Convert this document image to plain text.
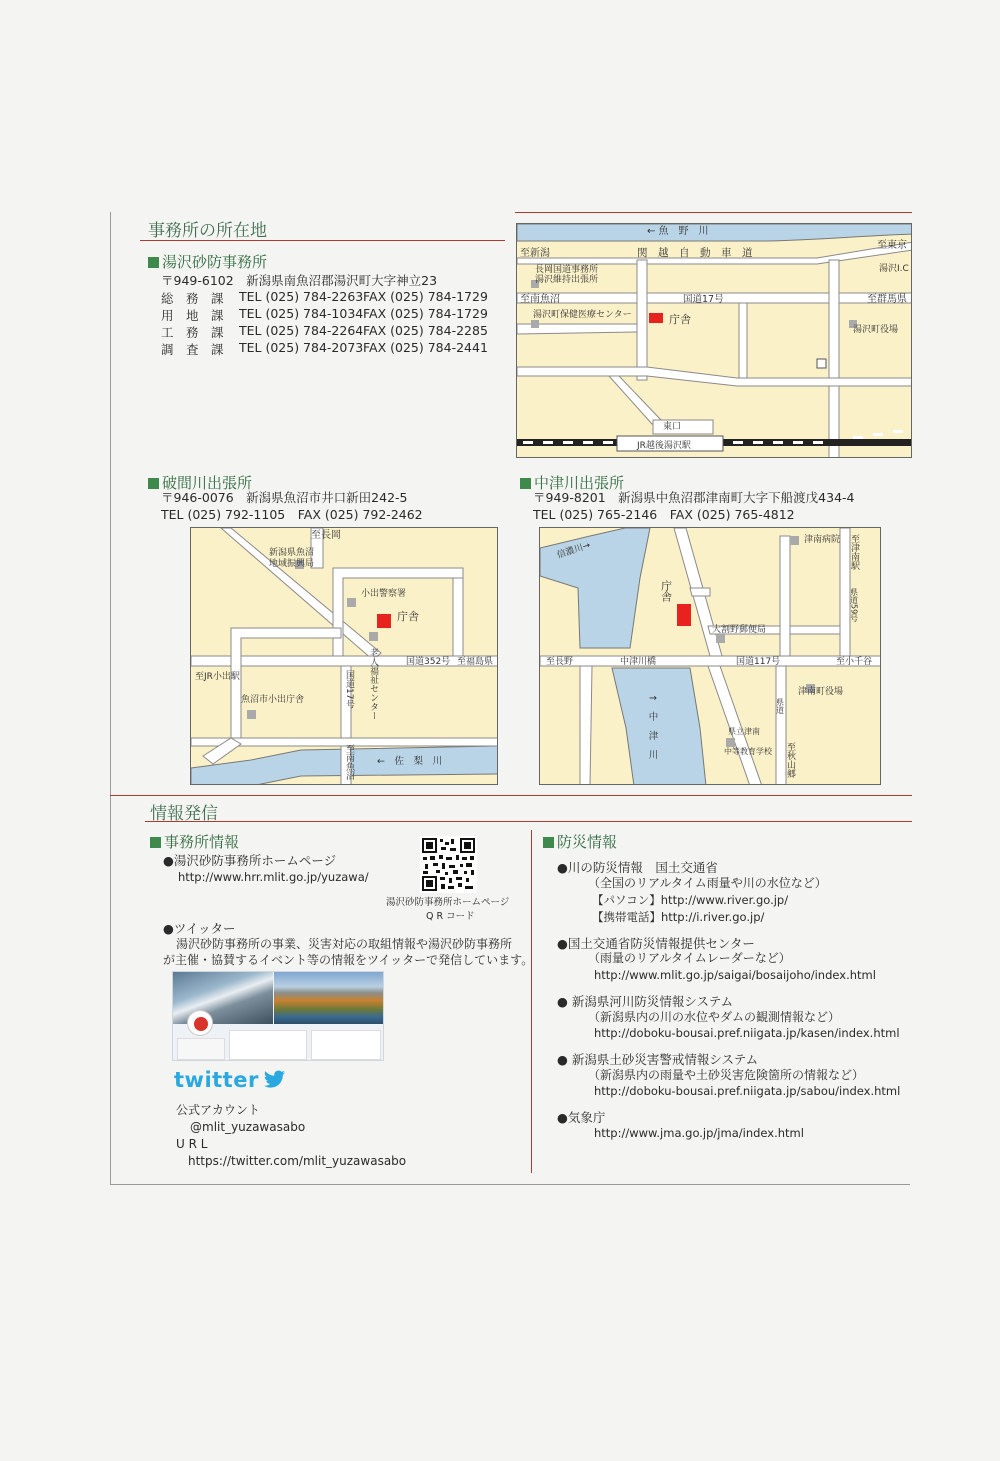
事務所の所在地
湯沢砂防事務所
〒949-6102　新潟県南魚沼郡湯沢町大字神立23
総　務　課 TEL (025) 784-2263 FAX (025) 784-1729
用　地　課 TEL (025) 784-1034 FAX (025) 784-1729
工　務　課 TEL (025) 784-2264 FAX (025) 784-2285
調　査　課 TEL (025) 784-2073 FAX (025) 784-2441
← 魚　野　川
至新潟	関　越　自　動　車　道
至東京
長岡国道事務所
湯沢維持出張所
湯沢I.C
至南魚沼	国道17号	至群馬県
湯沢町保健医療センター	庁舎
湯沢町役場
東口
JR越後湯沢駅
破間川出張所
〒946-0076　新潟県魚沼市井口新田242-5
TEL (025) 792-1105　FAX (025) 792-2462
至長岡
新潟県魚沼
地域振興局
小出警察署
庁舎
国道352号 至福島県
至JR小出駅	国道17号 老人福祉センター
魚沼市小出庁舎
至南魚沼 ←　佐　梨　川
中津川出張所
〒949-8201　新潟県中魚沼郡津南町大字下船渡戊434-4
TEL (025) 765-2146　FAX (025) 765-4812
信濃川→
庁舎
津南病院 至津南駅
県道59号
大割野郵便局
至長野	中津川橋	国道117号	至小千谷
津南町役場
↑　中　津　川	県立津南
中等教育学校
県道
至秋山郷
情報発信
事務所情報
●湯沢砂防事務所ホームページ
http://www.hrr.mlit.go.jp/yuzawa/
湯沢砂防事務所ホームページ
Q R コード
●ツイッター
湯沢砂防事務所の事業、災害対応の取組情報や湯沢砂防事務所
が主催・協賛するイベント等の情報をツイッターで発信しています。
twitter
公式アカウント
@mlit_yuzawasabo
U R L
https://twitter.com/mlit_yuzawasabo
防災情報
●川の防災情報　国土交通省
（全国のリアルタイム雨量や川の水位など）
【パソコン】http://www.river.go.jp/
【携帯電話】http://i.river.go.jp/
●国土交通省防災情報提供センター
（雨量のリアルタイムレーダーなど）
http://www.mlit.go.jp/saigai/bosaijoho/index.html
● 新潟県河川防災情報システム
（新潟県内の川の水位やダムの観測情報など）
http://doboku-bousai.pref.niigata.jp/kasen/index.html
● 新潟県土砂災害警戒情報システム
（新潟県内の雨量や土砂災害危険箇所の情報など）
http://doboku-bousai.pref.niigata.jp/sabou/index.html
●気象庁
http://www.jma.go.jp/jma/index.html
